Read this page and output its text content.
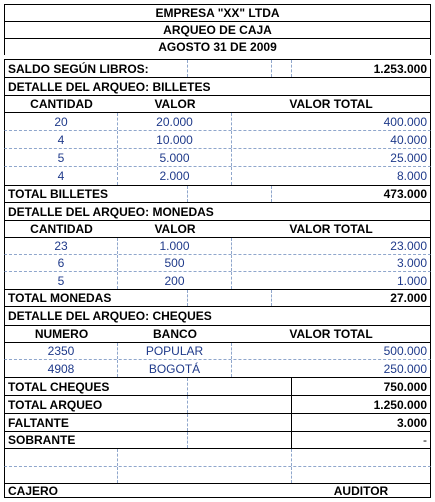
EMPRESA "XX" LTDA
ARQUEO DE CAJA
AGOSTO 31 DE 2009
SALDO SEGÚN LIBROS:	1.253.000
DETALLE DEL ARQUEO: BILLETES
CANTIDAD	VALOR	VALOR TOTAL
20	20.000	400.000
4	10.000	40.000
5	5.000	25.000
4	2.000	8.000
TOTAL BILLETES	473.000
DETALLE DEL ARQUEO: MONEDAS
CANTIDAD	VALOR	VALOR TOTAL
23	1.000	23.000
6	500	3.000
5	200	1.000
TOTAL MONEDAS	27.000
DETALLE DEL ARQUEO: CHEQUES
NUMERO	BANCO	VALOR TOTAL
2350	POPULAR	500.000
4908	BOGOTÁ	250.000
TOTAL CHEQUES	750.000
TOTAL ARQUEO	1.250.000
FALTANTE	3.000
SOBRANTE	-
CAJERO	AUDITOR
